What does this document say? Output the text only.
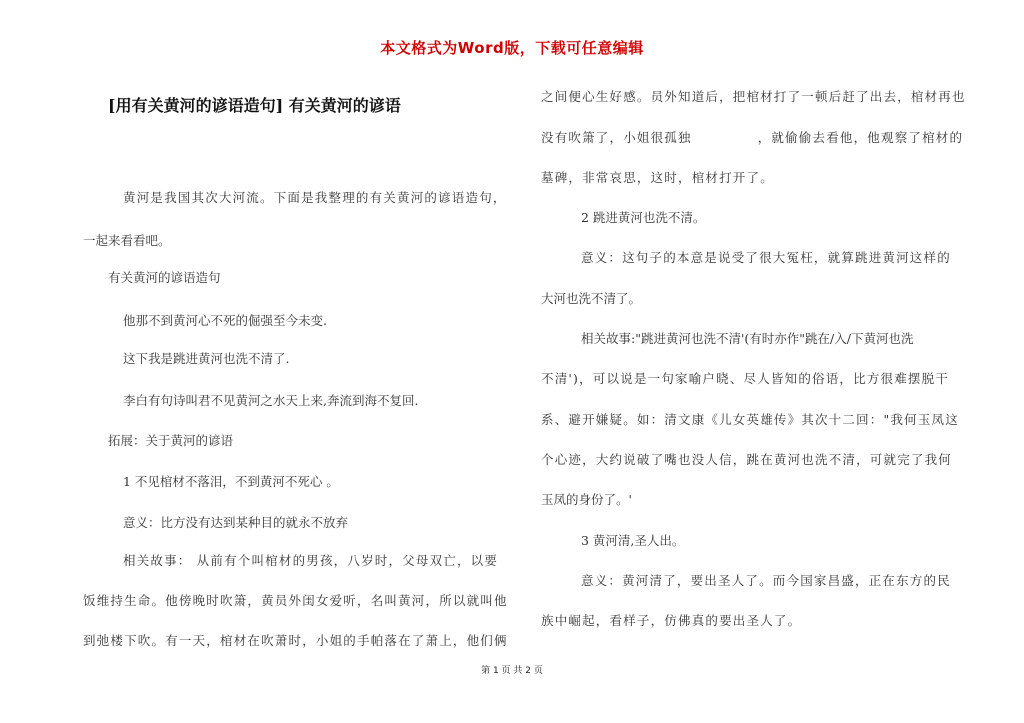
本文格式为Word版，下载可任意编辑
[用有关黄河的谚语造句] 有关黄河的谚语

黄河是我国其次大河流。下面是我整理的有关黄河的谚语造句，

一起来看看吧。

有关黄河的谚语造句

他那不到黄河心不死的倔强至今未变.

这下我是跳进黄河也洗不清了.

李白有句诗叫君不见黄河之水天上来,奔流到海不复回.

拓展：关于黄河的谚语

1 不见棺材不落泪，不到黄河不死心 。

意义：比方没有达到某种目的就永不放弃

相关故事： 从前有个叫棺材的男孩，八岁时，父母双亡，以要

饭维持生命。他傍晚时吹箫，黄员外闺女爱听，名叫黄河，所以就叫他

到弛楼下吹。有一天，棺材在吹萧时，小姐的手帕落在了萧上，他们俩

之间便心生好感。员外知道后，把棺材打了一顿后赶了出去，棺材再也

没有吹箫了，小姐很孤独	，就偷偷去看他，他观察了棺材的

墓碑，非常哀思，这时，棺材打开了。

2 跳进黄河也洗不清。

意义：这句子的本意是说受了很大冤枉，就算跳进黄河这样的

大河也洗不清了。

相关故事:"跳进黄河也洗不清'(有时亦作"跳在/入/下黄河也洗

不清')，可以说是一句家喻户晓、尽人皆知的俗语，比方很难摆脱干

系、避开嫌疑。如：清文康《儿女英雄传》其次十二回："我何玉凤这

个心迹，大约说破了嘴也没人信，跳在黄河也洗不清，可就完了我何

玉凤的身份了。'

3 黄河清,圣人出。

意义：黄河清了，要出圣人了。而今国家昌盛，正在东方的民

族中崛起，看样子，仿佛真的要出圣人了。

第 1 页 共 2 页
